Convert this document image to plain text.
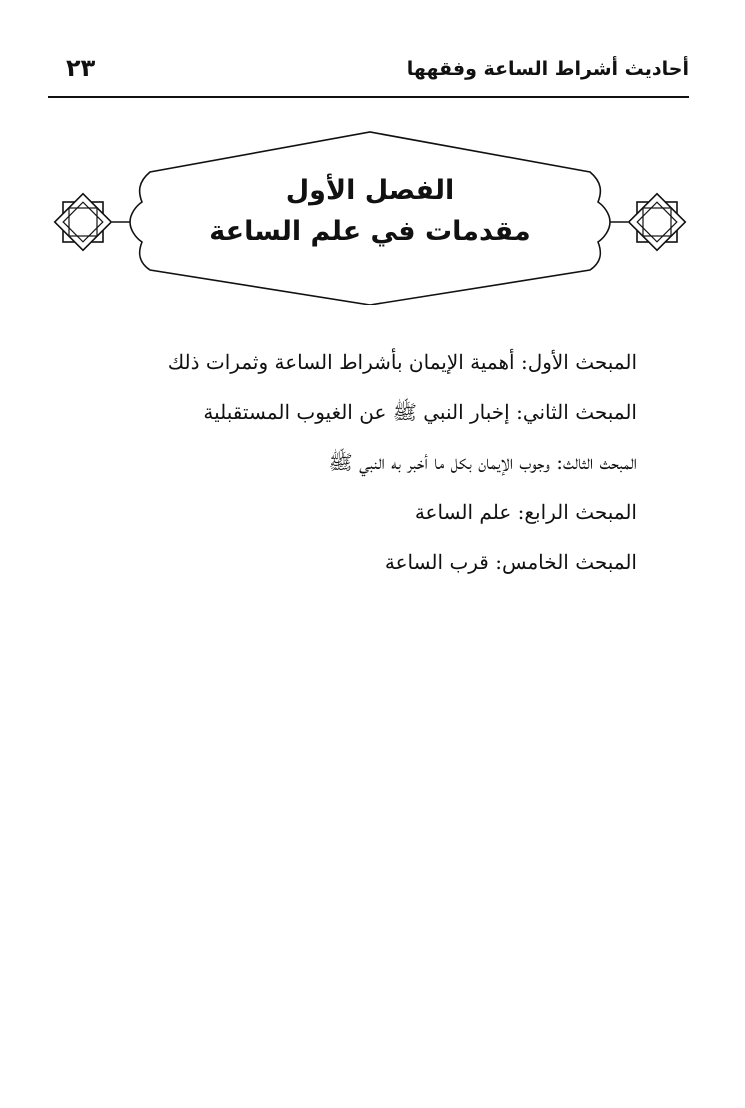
أحاديث أشراط الساعة وفقهها
٢٣
الفصل الأول
مقدمات في علم الساعة
المبحث الأول: أهمية الإيمان بأشراط الساعة وثمرات ذلك
المبحث الثاني: إخبار النبي ﷺ عن الغيوب المستقبلية
المبحث الثالث: وجوب الإيمان بكل ما أخبر به النبي ﷺ
المبحث الرابع: علم الساعة
المبحث الخامس: قرب الساعة
